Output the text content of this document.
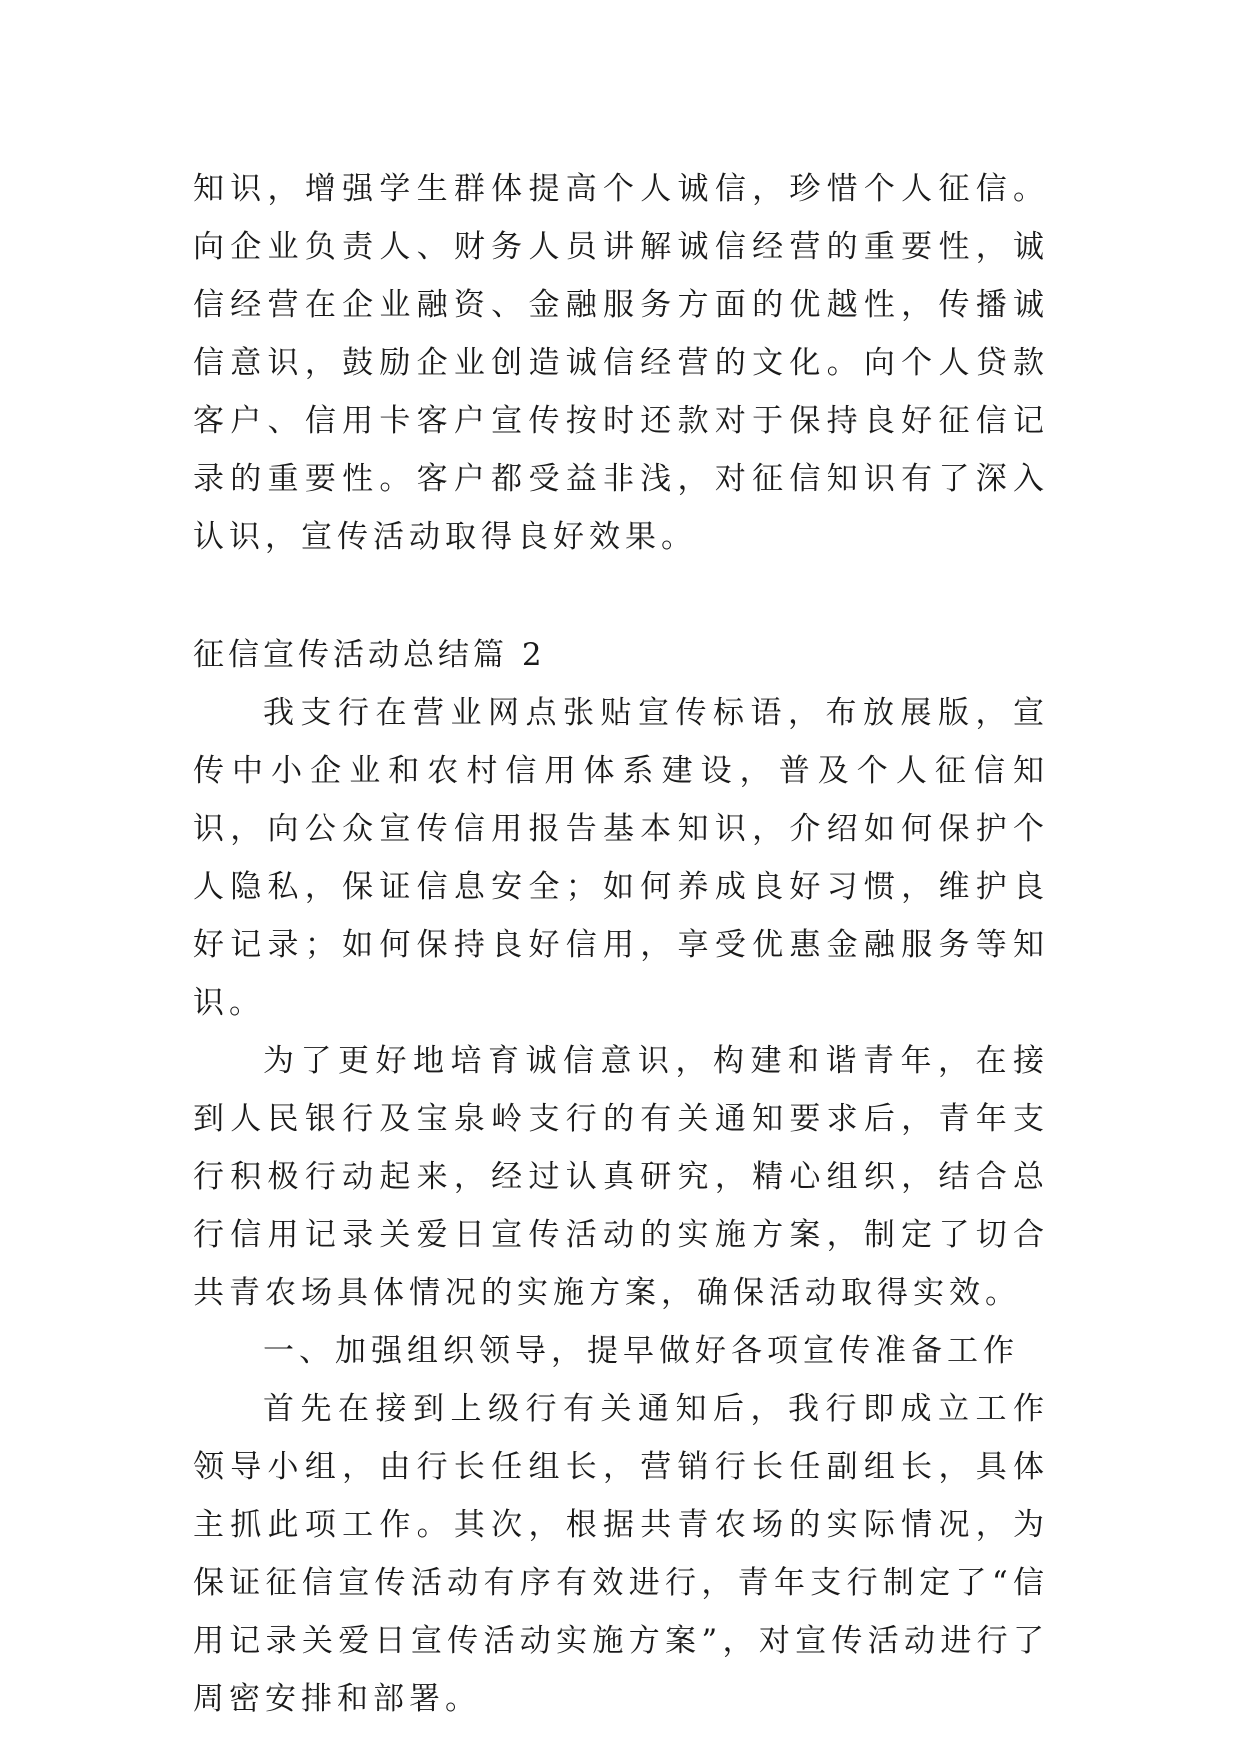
知识，增强学生群体提高个人诚信，珍惜个人征信。向企业负责人、财务人员讲解诚信经营的重要性，诚信经营在企业融资、金融服务方面的优越性，传播诚信意识，鼓励企业创造诚信经营的文化。向个人贷款客户、信用卡客户宣传按时还款对于保持良好征信记录的重要性。客户都受益非浅，对征信知识有了深入认识，宣传活动取得良好效果。

征信宣传活动总结篇 2

我支行在营业网点张贴宣传标语，布放展版，宣传中小企业和农村信用体系建设，普及个人征信知识，向公众宣传信用报告基本知识，介绍如何保护个人隐私，保证信息安全；如何养成良好习惯，维护良好记录；如何保持良好信用，享受优惠金融服务等知识。

为了更好地培育诚信意识，构建和谐青年，在接到人民银行及宝泉岭支行的有关通知要求后，青年支行积极行动起来，经过认真研究，精心组织，结合总行信用记录关爱日宣传活动的实施方案，制定了切合共青农场具体情况的实施方案，确保活动取得实效。

一、加强组织领导，提早做好各项宣传准备工作

首先在接到上级行有关通知后，我行即成立工作领导小组，由行长任组长，营销行长任副组长，具体主抓此项工作。其次，根据共青农场的实际情况，为保证征信宣传活动有序有效进行，青年支行制定了“信用记录关爱日宣传活动实施方案”，对宣传活动进行了周密安排和部署。
